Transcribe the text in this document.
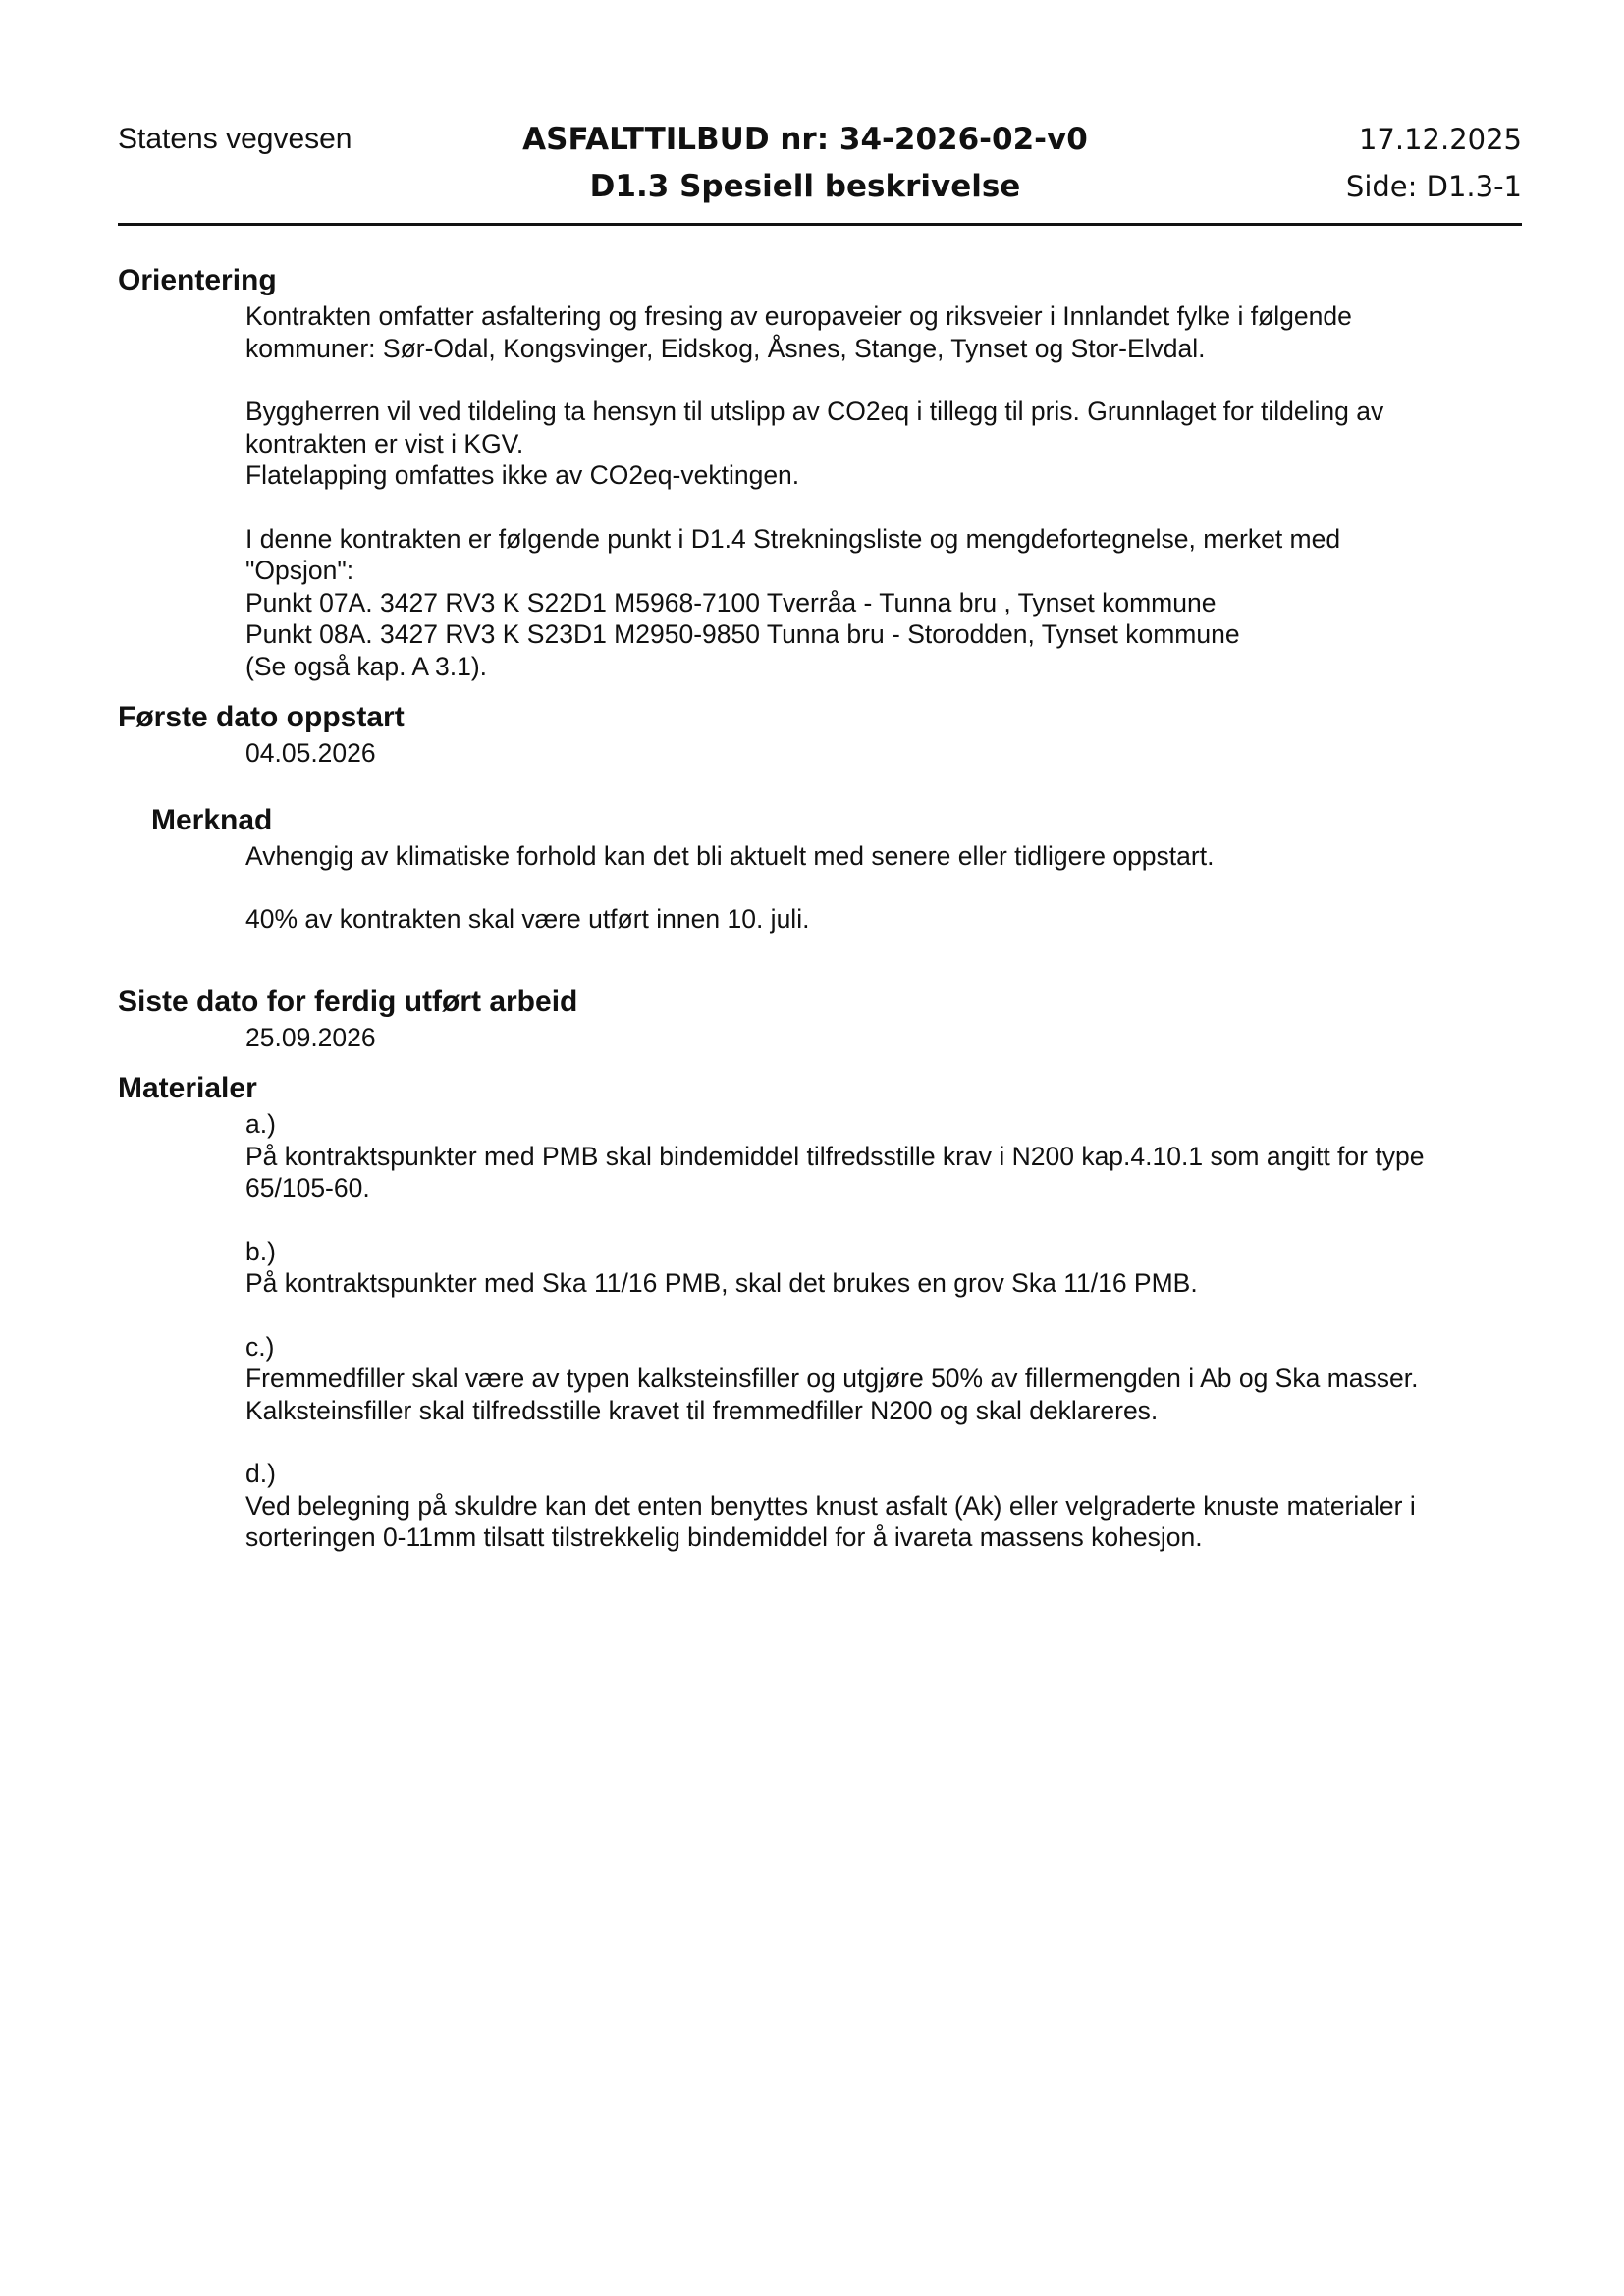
Statens vegvesen	ASFALTTILBUD nr: 34-2026-02-v0
D1.3 Spesiell beskrivelse
17.12.2025
Side: D1.3-1
Orientering

Kontrakten omfatter asfaltering og fresing av europaveier og riksveier i Innlandet fylke i følgende

kommuner: Sør-Odal, Kongsvinger, Eidskog, Åsnes, Stange, Tynset og Stor-Elvdal.

Byggherren vil ved tildeling ta hensyn til utslipp av CO2eq i tillegg til pris. Grunnlaget for tildeling av

kontrakten er vist i KGV.

Flatelapping omfattes ikke av CO2eq-vektingen.

I denne kontrakten er følgende punkt i D1.4 Strekningsliste og mengdefortegnelse, merket med

"Opsjon":

Punkt 07A. 3427 RV3 K S22D1 M5968-7100 Tverråa - Tunna bru , Tynset kommune

Punkt 08A. 3427 RV3 K S23D1 M2950-9850 Tunna bru - Storodden, Tynset kommune

(Se også kap. A 3.1).

Første dato oppstart

04.05.2026

Merknad

Avhengig av klimatiske forhold kan det bli aktuelt med senere eller tidligere oppstart.

40% av kontrakten skal være utført innen 10. juli.

Siste dato for ferdig utført arbeid

25.09.2026

Materialer

a.)

På kontraktspunkter med PMB skal bindemiddel tilfredsstille krav i N200 kap.4.10.1 som angitt for type

65/105-60.

b.)

På kontraktspunkter med Ska 11/16 PMB, skal det brukes en grov Ska 11/16 PMB.

c.)

Fremmedfiller skal være av typen kalksteinsfiller og utgjøre 50% av fillermengden i Ab og Ska masser.

Kalksteinsfiller skal tilfredsstille kravet til fremmedfiller N200 og skal deklareres.

d.)

Ved belegning på skuldre kan det enten benyttes knust asfalt (Ak) eller velgraderte knuste materialer i

sorteringen 0-11mm tilsatt tilstrekkelig bindemiddel for å ivareta massens kohesjon.
